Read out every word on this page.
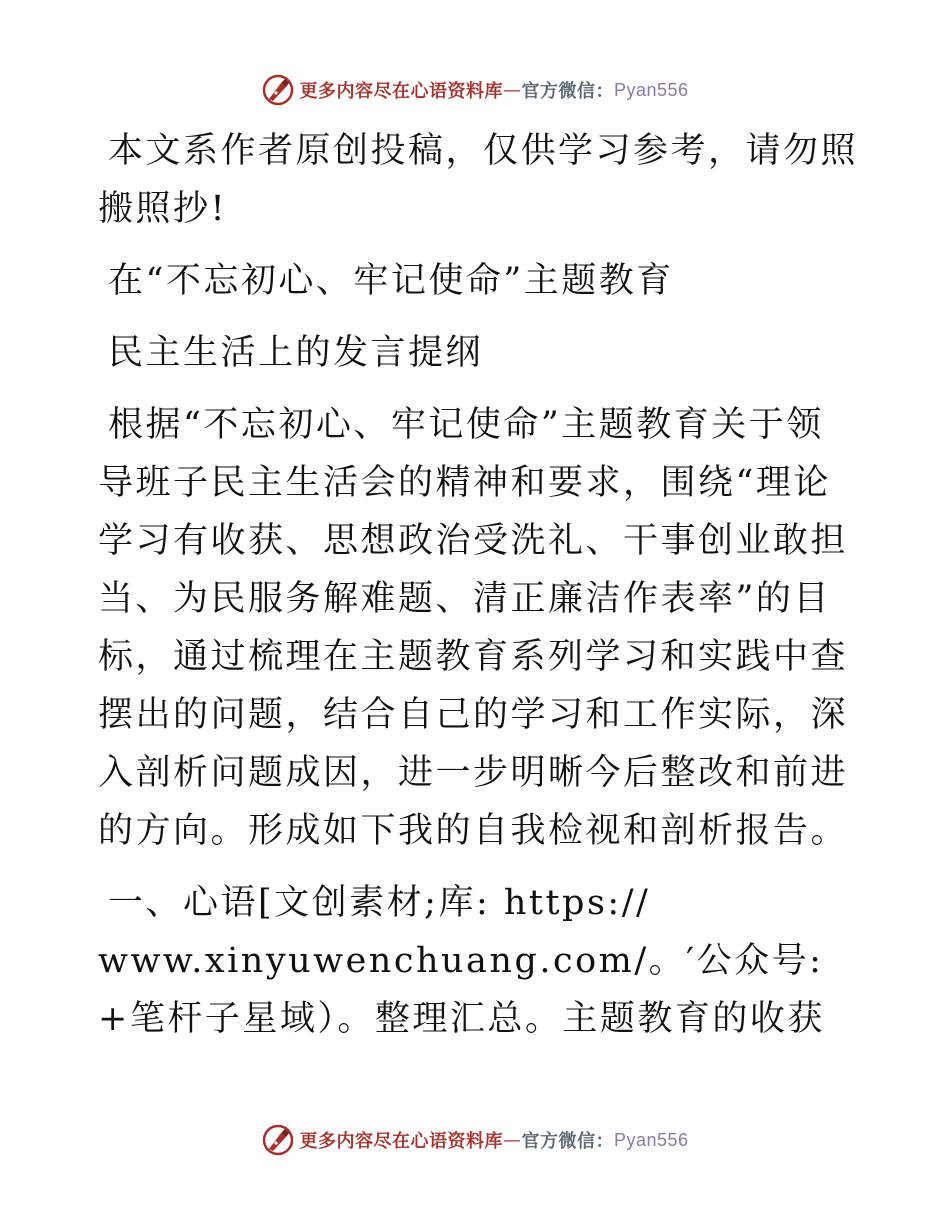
更多内容尽在心语资料库 — 官方微信： Pyan556

本文系作者原创投稿，仅供学习参考，请勿照搬照抄!

在“不忘初心、牢记使命”主题教育

民主生活上的发言提纲

根据“不忘初心、牢记使命”主题教育关于领导班子民主生活会的精神和要求，围绕“理论学习有收获、思想政治受洗礼、干事创业敢担当、为民服务解难题、清正廉洁作表率”的目标，通过梳理在主题教育系列学习和实践中查摆出的问题，结合自己的学习和工作实际，深入剖析问题成因，进一步明晰今后整改和前进的方向。形成如下我的自我检视和剖析报告。

一、心语[文创素材;库: https://
www.xinyuwenchuang.com/。′公众号: +笔杆子星域）。整理汇总。主题教育的收获

更多内容尽在心语资料库 — 官方微信： Pyan556
